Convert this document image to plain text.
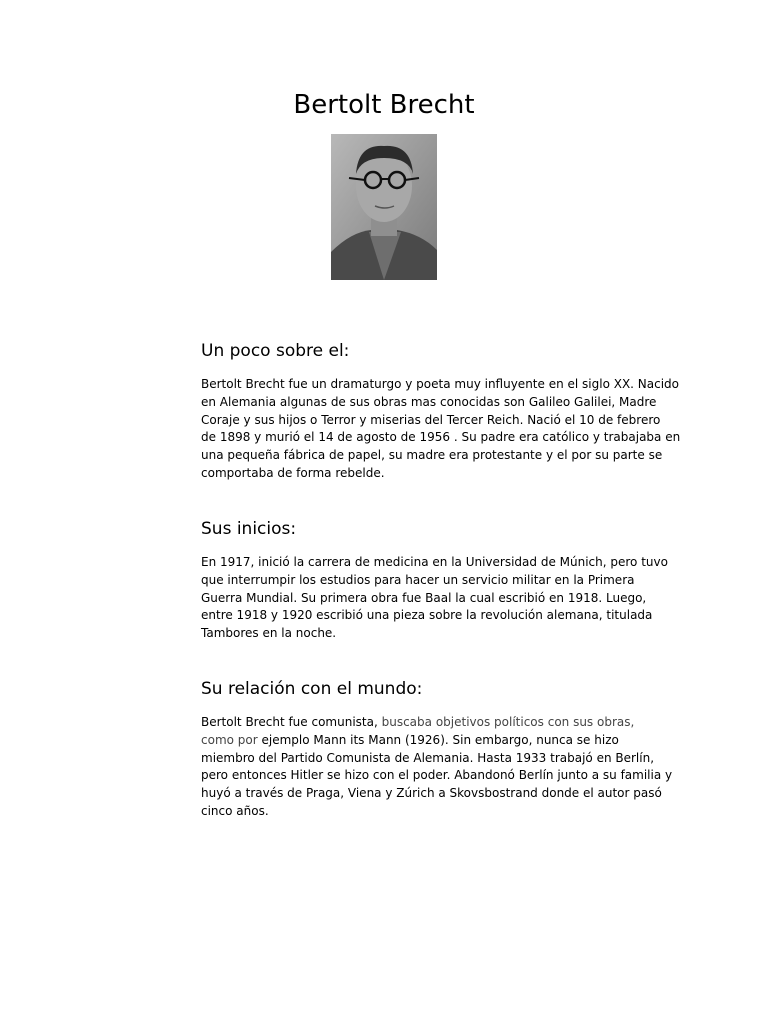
Bertolt Brecht
Un poco sobre el:

Bertolt Brecht fue un dramaturgo y poeta muy influyente en el siglo XX. Nacido
en Alemania algunas de sus obras mas conocidas son Galileo Galilei, Madre
Coraje y sus hijos o Terror y miserias del Tercer Reich. Nació el 10 de febrero
de 1898 y murió el 14 de agosto de 1956 . Su padre era católico y trabajaba en
una pequeña fábrica de papel, su madre era protestante y el por su parte se
comportaba de forma rebelde.

Sus inicios:

En 1917, inició la carrera de medicina en la Universidad de Múnich, pero tuvo
que interrumpir los estudios para hacer un servicio militar en la Primera
Guerra Mundial. Su primera obra fue Baal la cual escribió en 1918. Luego,
entre 1918 y 1920 escribió una pieza sobre la revolución alemana, titulada
Tambores en la noche.

Su relación con el mundo:

Bertolt Brecht fue comunista, buscaba objetivos políticos con sus obras,
como por ejemplo Mann its Mann (1926). Sin embargo, nunca se hizo
miembro del Partido Comunista de Alemania. Hasta 1933 trabajó en Berlín,
pero entonces Hitler se hizo con el poder. Abandonó Berlín junto a su familia y
huyó a través de Praga, Viena y Zúrich a Skovsbostrand donde el autor pasó
cinco años.
